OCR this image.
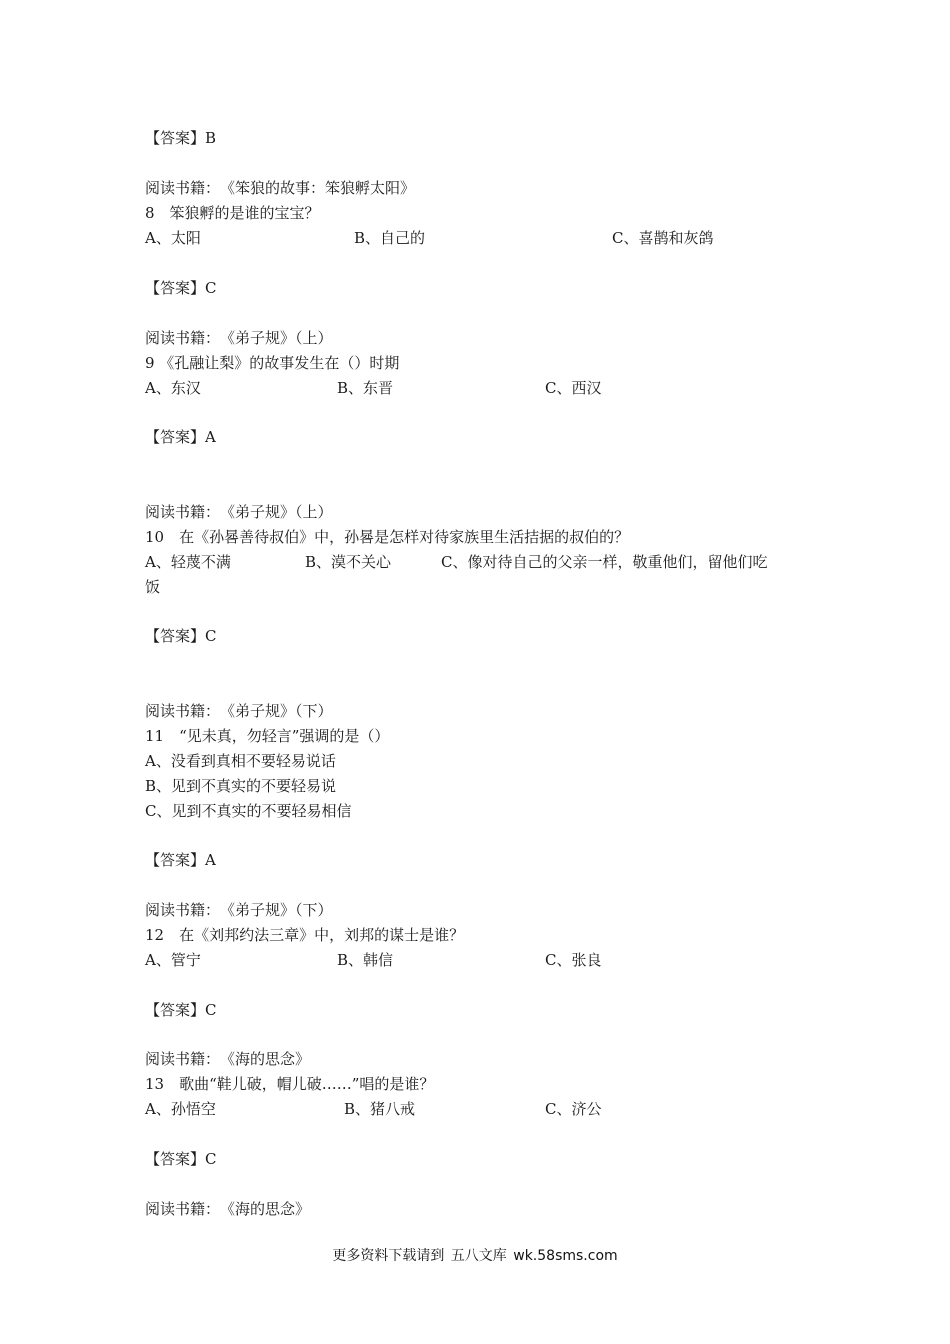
【答案】B
阅读书籍：　《笨狼的故事：笨狼孵太阳》
8　笨狼孵的是谁的宝宝？
A、太阳	B、自己的	C、喜鹊和灰鸽
【答案】C
阅读书籍：　《弟子规》（上）
9 《孔融让梨》的故事发生在（）时期
A、东汉	B、东晋	C、西汉
【答案】A
阅读书籍：　《弟子规》（上）
10　在《孙晷善待叔伯》中，孙晷是怎样对待家族里生活拮据的叔伯的？
A、轻蔑不满	B、漠不关心	C、像对待自己的父亲一样，敬重他们，留他们吃
饭
【答案】C
阅读书籍：　《弟子规》（下）
11　“见未真，勿轻言”强调的是（）
A、没看到真相不要轻易说话
B、见到不真实的不要轻易说
C、见到不真实的不要轻易相信
【答案】A
阅读书籍：　《弟子规》（下）
12　在《刘邦约法三章》中，刘邦的谋士是谁？
A、管宁	B、韩信	C、张良
【答案】C
阅读书籍：　《海的思念》
13　歌曲“鞋儿破，帽儿破……”唱的是谁？
A、孙悟空	B、猪八戒	C、济公
【答案】C
阅读书籍：　《海的思念》
更多资料下载请到 五八文库 wk.58sms.com
